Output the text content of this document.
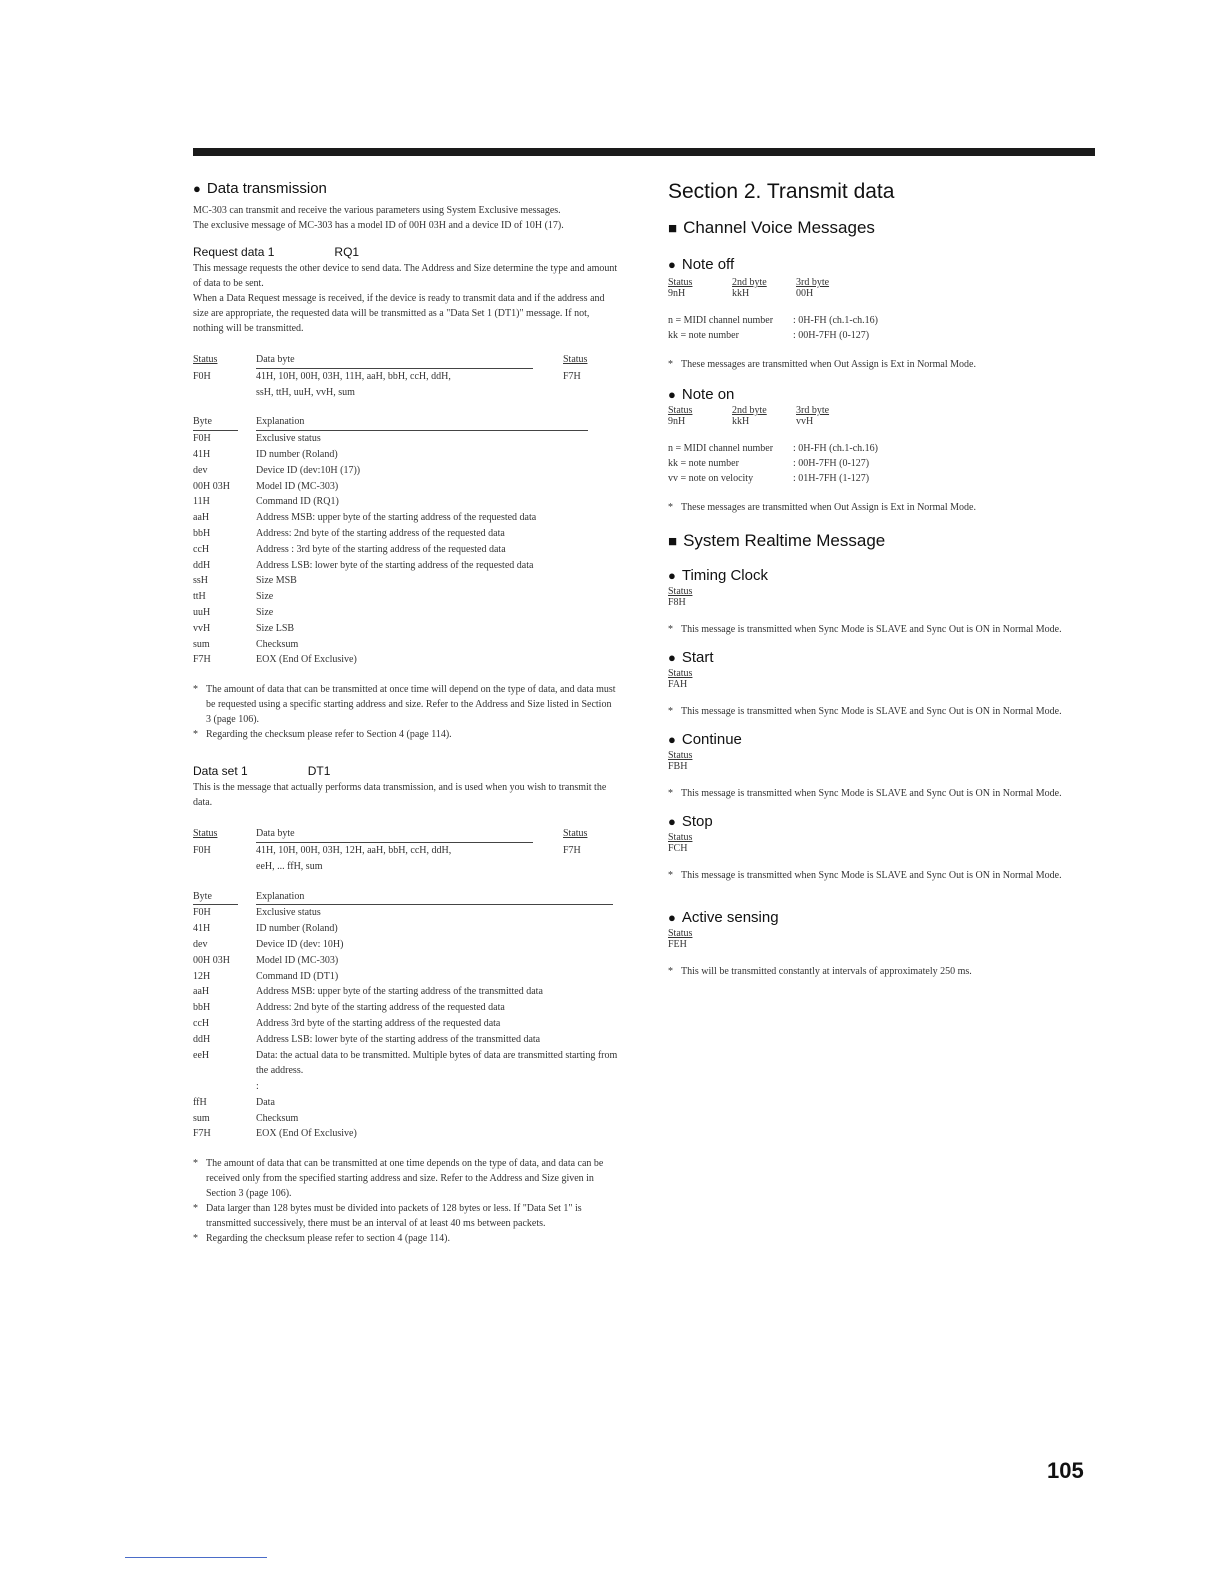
● Data transmission

MC-303 can transmit and receive the various parameters using System Exclusive messages.

The exclusive message of MC-303 has a model ID of 00H 03H and a device ID of 10H (17).

Request data 1	RQ1

This message requests the other device to send data. The Address and Size determine the type and amount of data to be sent.

When a Data Request message is received, if the device is ready to transmit data and if the address and size are appropriate, the requested data will be transmitted as a "Data Set 1 (DT1)" message. If not, nothing will be transmitted.

Status	Data byte	Status
F0H	41H, 10H, 00H, 03H, 11H, aaH, bbH, ccH, ddH,	F7H
ssH, ttH, uuH, vvH, sum
Byte	Explanation
F0H	Exclusive status
41H	ID number (Roland)
dev	Device ID (dev:10H (17))
00H 03H	Model ID (MC-303)
11H	Command ID (RQ1)
aaH	Address MSB: upper byte of the starting address of the requested data
bbH	Address: 2nd byte of the starting address of the requested data
ccH	Address : 3rd byte of the starting address of the requested data
ddH	Address LSB: lower byte of the starting address of the requested data
ssH	Size MSB
ttH	Size
uuH	Size
vvH	Size LSB
sum	Checksum
F7H	EOX (End Of Exclusive)

* The amount of data that can be transmitted at once time will depend on the type of data, and data must be requested using a specific starting address and size. Refer to the Address and Size listed in Section 3 (page 106).

* Regarding the checksum please refer to Section 4 (page 114).

Data set 1	DT1

This is the message that actually performs data transmission, and is used when you wish to transmit the data.

Status	Data byte	Status
F0H	41H, 10H, 00H, 03H, 12H, aaH, bbH, ccH, ddH,	F7H
eeH, ... ffH, sum
Byte	Explanation
F0H	Exclusive status
41H	ID number (Roland)
dev	Device ID (dev: 10H)
00H 03H	Model ID (MC-303)
12H	Command ID (DT1)
aaH	Address MSB: upper byte of the starting address of the transmitted data
bbH	Address: 2nd byte of the starting address of the requested data
ccH	Address 3rd byte of the starting address of the requested data
ddH	Address LSB: lower byte of the starting address of the transmitted data
eeH	Data: the actual data to be transmitted. Multiple bytes of data are transmitted starting from the address.
:
ffH	Data
sum	Checksum
F7H	EOX (End Of Exclusive)

* The amount of data that can be transmitted at one time depends on the type of data, and data can be received only from the specified starting address and size. Refer to the Address and Size given in Section 3 (page 106).

* Data larger than 128 bytes must be divided into packets of 128 bytes or less. If "Data Set 1" is transmitted successively, there must be an interval of at least 40 ms between packets.

* Regarding the checksum please refer to section 4 (page 114).

Section 2. Transmit data
■ Channel Voice Messages
● Note off
Status	2nd byte	3rd byte
9nH	kkH	00H
n = MIDI channel number	: 0H-FH (ch.1-ch.16)
kk = note number	: 00H-7FH (0-127)

* These messages are transmitted when Out Assign is Ext in Normal Mode.

● Note on
Status	2nd byte	3rd byte
9nH	kkH	vvH
n = MIDI channel number	: 0H-FH (ch.1-ch.16)
kk = note number	: 00H-7FH (0-127)
vv = note on velocity	: 01H-7FH (1-127)

* These messages are transmitted when Out Assign is Ext in Normal Mode.

■ System Realtime Message
● Timing Clock
Status
F8H

* This message is transmitted when Sync Mode is SLAVE and Sync Out is ON in Normal Mode.

● Start
Status
FAH

* This message is transmitted when Sync Mode is SLAVE and Sync Out is ON in Normal Mode.

● Continue
Status
FBH

* This message is transmitted when Sync Mode is SLAVE and Sync Out is ON in Normal Mode.

● Stop
Status
FCH

* This message is transmitted when Sync Mode is SLAVE and Sync Out is ON in Normal Mode.

● Active sensing
Status
FEH

* This will be transmitted constantly at intervals of approximately 250 ms.

105
